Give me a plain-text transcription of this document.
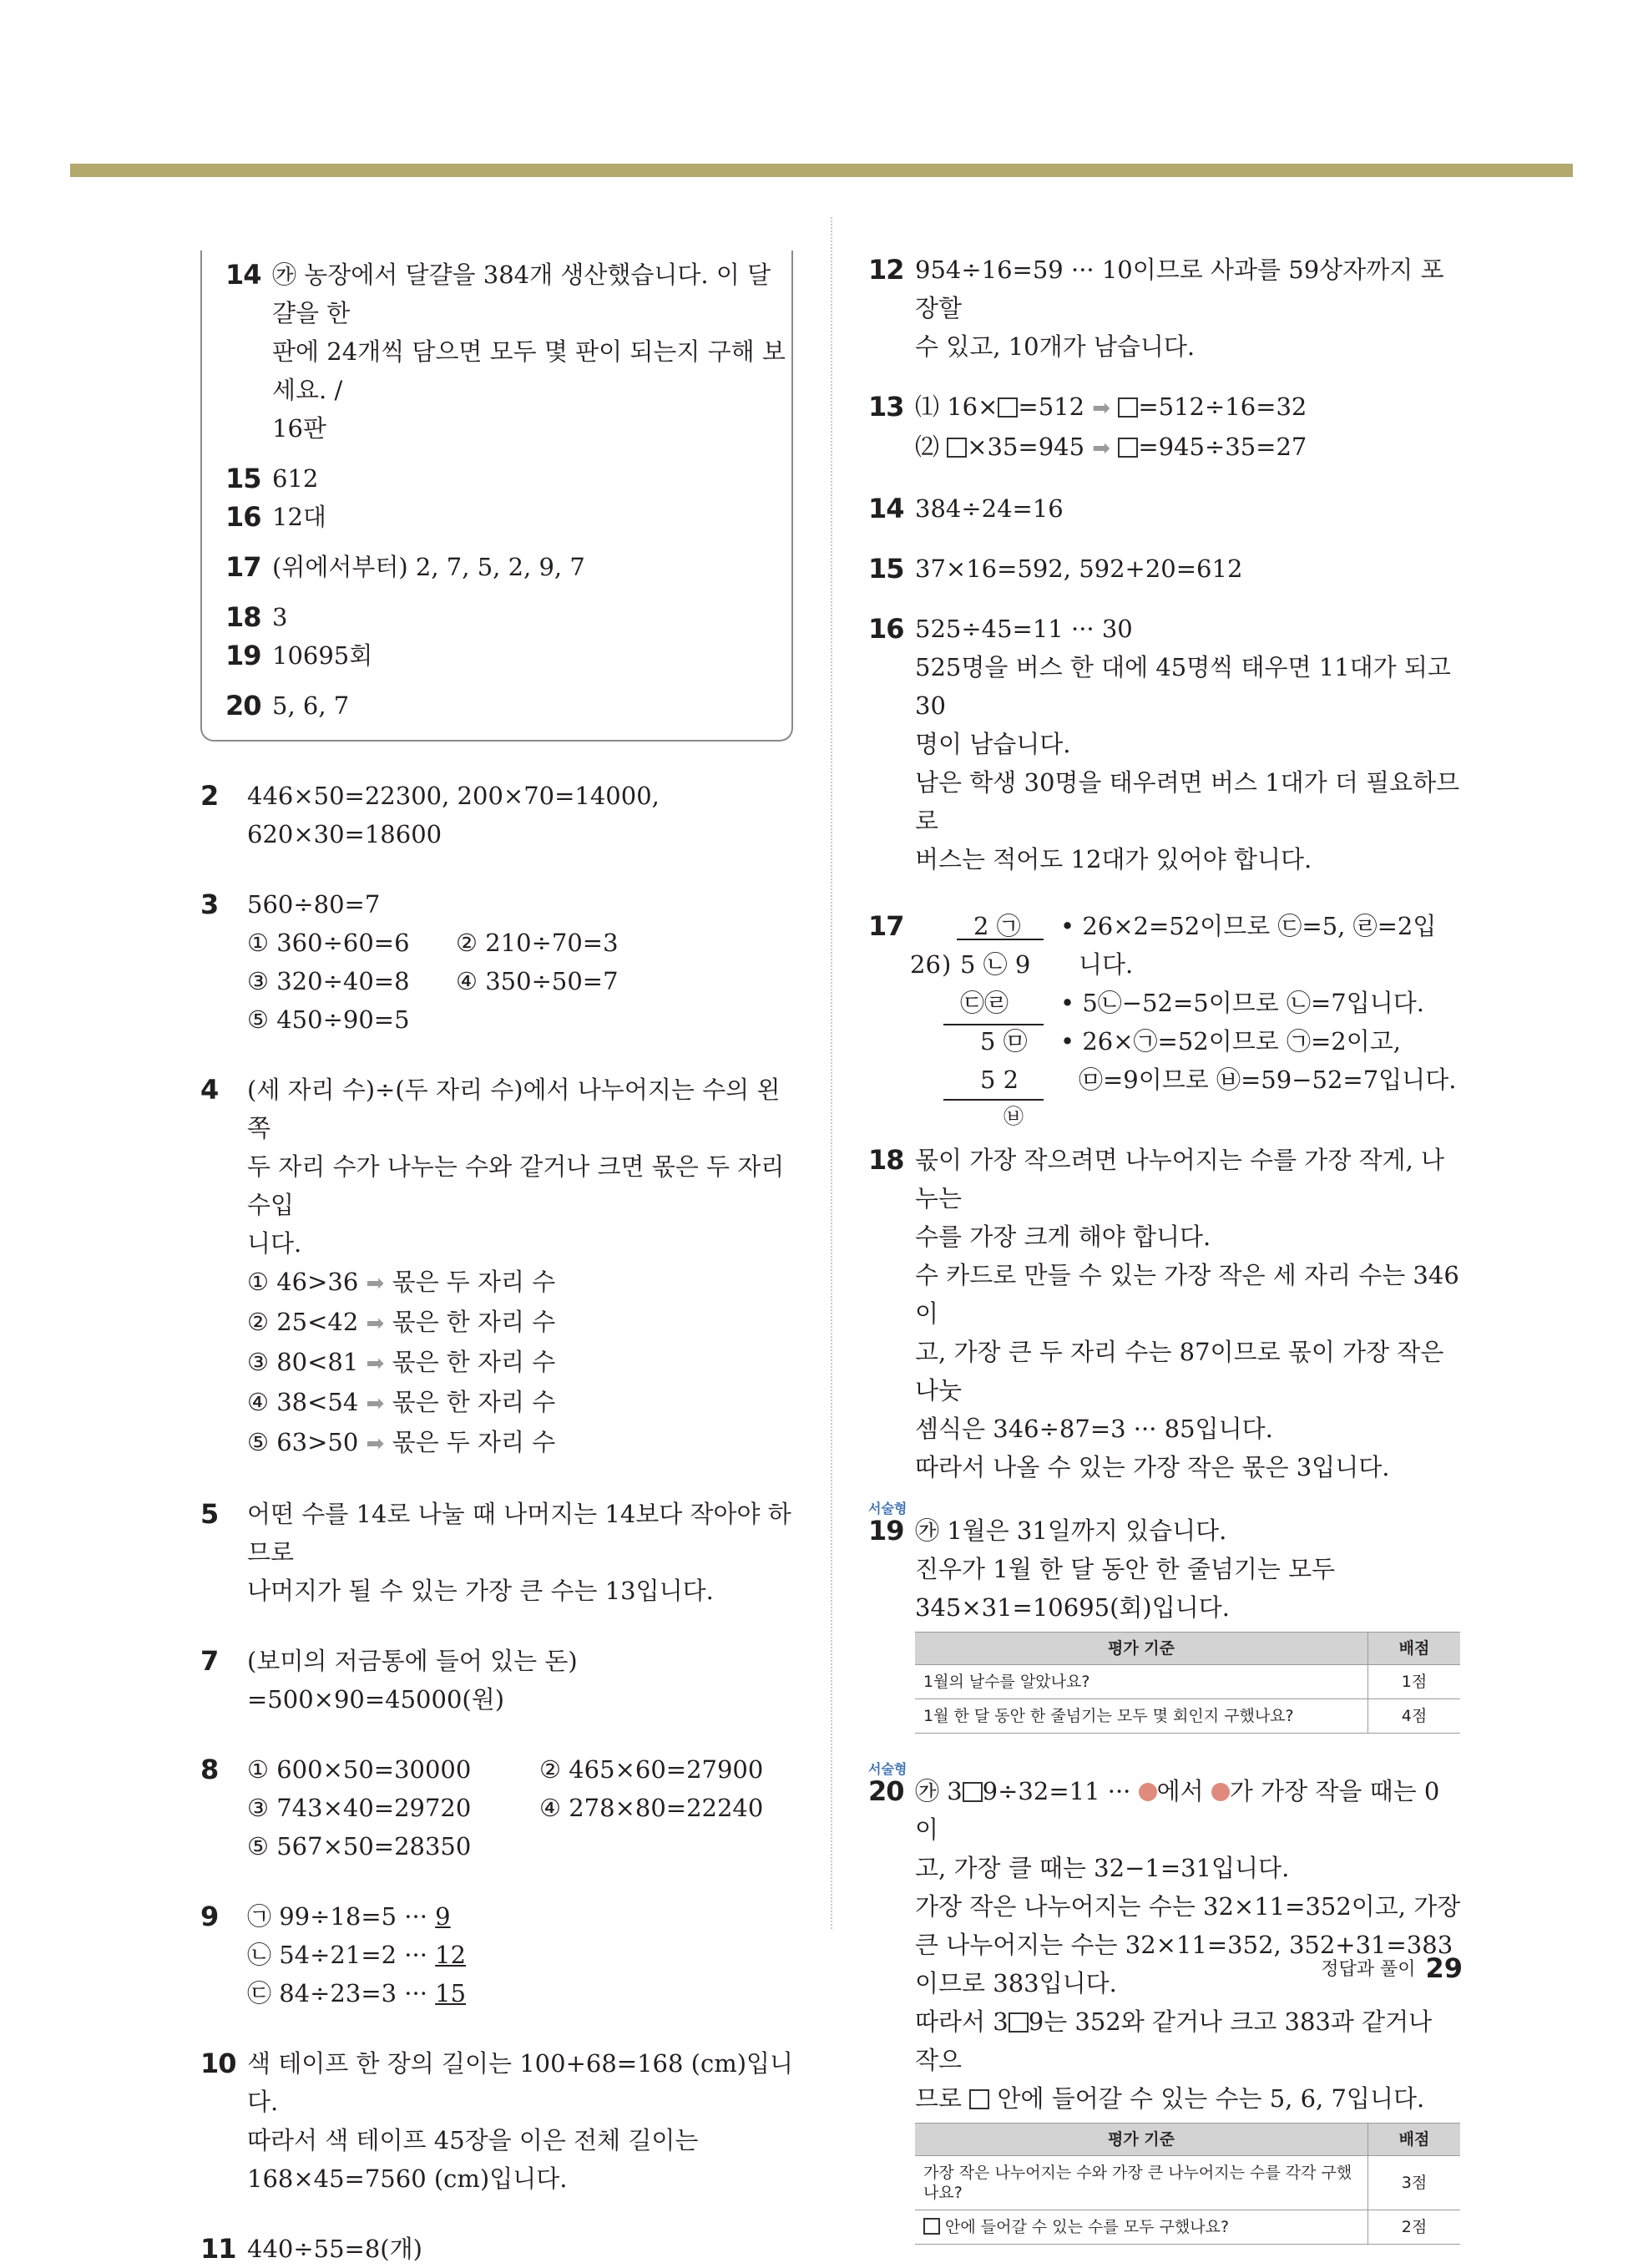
14 ㉮ 농장에서 달걀을 384개 생산했습니다. 이 달걀을 한
판에 24개씩 담으면 모두 몇 판이 되는지 구해 보세요. /
16판
15 612
16 12대
17 (위에서부터) 2, 7, 5, 2, 9, 7
18 3
19 10695회
20 5, 6, 7
2 446×50=22300, 200×70=14000,
620×30=18600
3 560÷80=7
① 360÷60=6 ② 210÷70=3
③ 320÷40=8 ④ 350÷50=7
⑤ 450÷90=5
4 (세 자리 수)÷(두 자리 수)에서 나누어지는 수의 왼쪽
두 자리 수가 나누는 수와 같거나 크면 몫은 두 자리 수입
니다.
① 46>36 ➡ 몫은 두 자리 수
② 25<42 ➡ 몫은 한 자리 수
③ 80<81 ➡ 몫은 한 자리 수
④ 38<54 ➡ 몫은 한 자리 수
⑤ 63>50 ➡ 몫은 두 자리 수
5 어떤 수를 14로 나눌 때 나머지는 14보다 작아야 하므로
나머지가 될 수 있는 가장 큰 수는 13입니다.
7 (보미의 저금통에 들어 있는 돈)
=500×90=45000(원)
8 ① 600×50=30000	② 465×60=27900
③ 743×40=29720	④ 278×80=22240
⑤ 567×50=28350
9 ㉠ 99÷18=5 ··· 9
㉡ 54÷21=2 ··· 12
㉢ 84÷23=3 ··· 15
10 색 테이프 한 장의 길이는 100+68=168 (cm)입니다.
따라서 색 테이프 45장을 이은 전체 길이는
168×45=7560 (cm)입니다.
11 440÷55=8(개)
12 954÷16=59 ··· 10이므로 사과를 59상자까지 포장할
수 있고, 10개가 남습니다.
13 ⑴ 16× =512 ➡ =512÷16=32
⑵ ×35=945 ➡ =945÷35=27
14 384÷24=16
15 37×16=592, 592+20=612
16 525÷45=11 ··· 30
525명을 버스 한 대에 45명씩 태우면 11대가 되고 30
명이 남습니다.
남은 학생 30명을 태우려면 버스 1대가 더 필요하므로
버스는 적어도 12대가 있어야 합니다.
17	2 ㉠
26 ) 5 ㉡ 9
㉢㉣
5 ㉤
5 2
㉥
• 26×2=52이므로 ㉢=5, ㉣=2입
니다.
• 5㉡−52=5이므로 ㉡=7입니다.
• 26×㉠=52이므로 ㉠=2이고,
㉤=9이므로 ㉥=59−52=7입니다.
18 몫이 가장 작으려면 나누어지는 수를 가장 작게, 나누는
수를 가장 크게 해야 합니다.
수 카드로 만들 수 있는 가장 작은 세 자리 수는 346이
고, 가장 큰 두 자리 수는 87이므로 몫이 가장 작은 나눗
셈식은 346÷87=3 ··· 85입니다.
따라서 나올 수 있는 가장 작은 몫은 3입니다.
서술형
19 ㉮ 1월은 31일까지 있습니다.
진우가 1월 한 달 동안 한 줄넘기는 모두
345×31=10695(회)입니다.
평가 기준	배점
1월의 날수를 알았나요?	1점
1월 한 달 동안 한 줄넘기는 모두 몇 회인지 구했나요?	4점
서술형
20 ㉮ 3 9÷32=11 ··· 에서 가 가장 작을 때는 0이
고, 가장 클 때는 32−1=31입니다.
가장 작은 나누어지는 수는 32×11=352이고, 가장
큰 나누어지는 수는 32×11=352, 352+31=383
이므로 383입니다.
따라서 3 9는 352와 같거나 크고 383과 같거나 작으
므로  안에 들어갈 수 있는 수는 5, 6, 7입니다.
평가 기준	배점
가장 작은 나누어지는 수와 가장 큰 나누어지는 수를 각각 구했나요?	3점
안에 들어갈 수 있는 수를 모두 구했나요?	2점
정답과 풀이 29
